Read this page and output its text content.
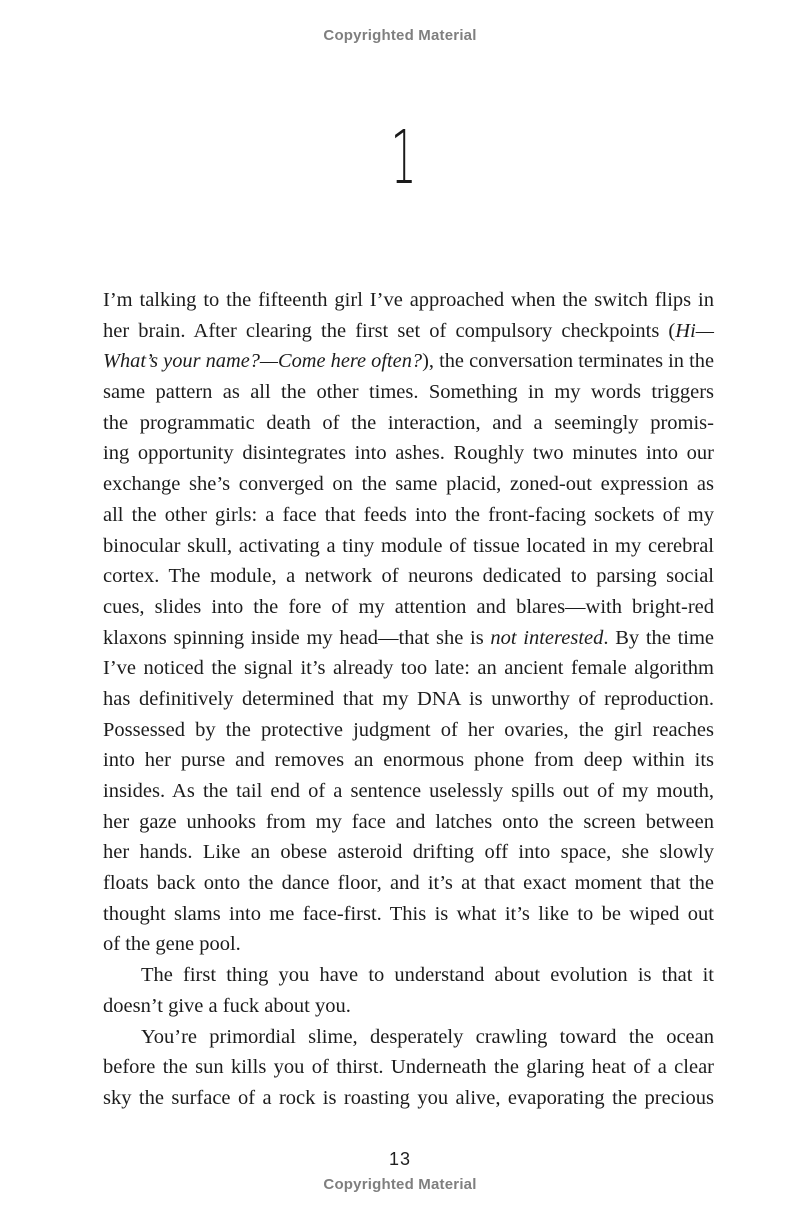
Copyrighted Material
1
I’m talking to the fifteenth girl I’ve approached when the switch flips in
her brain. After clearing the first set of compulsory checkpoints (Hi—
What’s your name?—Come here often?), the conversation terminates in the
same pattern as all the other times. Something in my words triggers
the programmatic death of the interaction, and a seemingly promis-
ing opportunity disintegrates into ashes. Roughly two minutes into our
exchange she’s converged on the same placid, zoned-out expression as
all the other girls: a face that feeds into the front-facing sockets of my
binocular skull, activating a tiny module of tissue located in my cerebral
cortex. The module, a network of neurons dedicated to parsing social
cues, slides into the fore of my attention and blares—with bright-red
klaxons spinning inside my head—that she is not interested. By the time
I’ve noticed the signal it’s already too late: an ancient female algorithm
has definitively determined that my DNA is unworthy of reproduction.
Possessed by the protective judgment of her ovaries, the girl reaches
into her purse and removes an enormous phone from deep within its
insides. As the tail end of a sentence uselessly spills out of my mouth,
her gaze unhooks from my face and latches onto the screen between
her hands. Like an obese asteroid drifting off into space, she slowly
floats back onto the dance floor, and it’s at that exact moment that the
thought slams into me face-first. This is what it’s like to be wiped out
of the gene pool.
The first thing you have to understand about evolution is that it
doesn’t give a fuck about you.
You’re primordial slime, desperately crawling toward the ocean
before the sun kills you of thirst. Underneath the glaring heat of a clear
sky the surface of a rock is roasting you alive, evaporating the precious
13
Copyrighted Material
